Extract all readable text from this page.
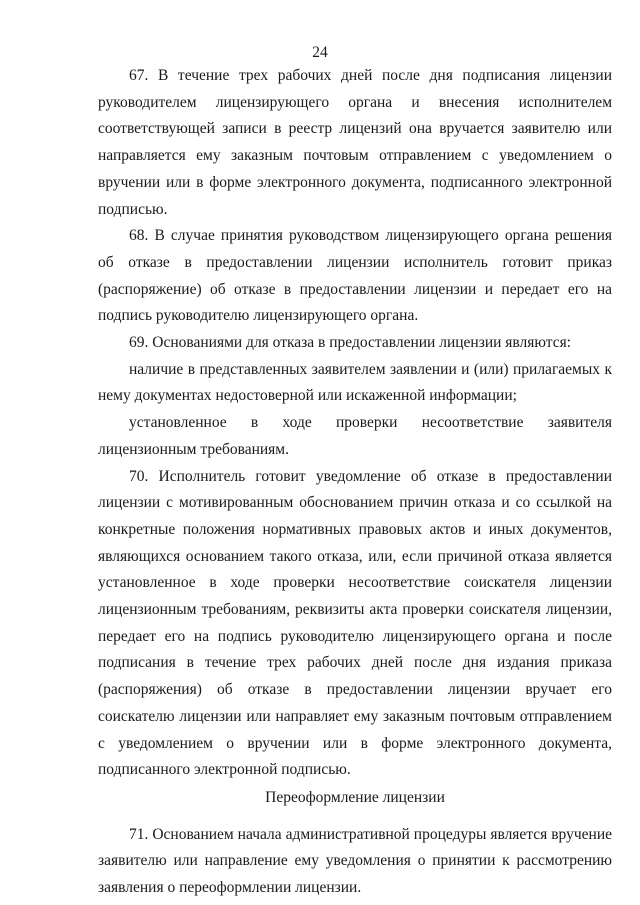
24

67. В течение трех рабочих дней после дня подписания лицензии руководителем лицензирующего органа и внесения исполнителем соответствующей записи в реестр лицензий она вручается заявителю или направляется ему заказным почтовым отправлением с уведомлением о вручении или в форме электронного документа, подписанного электронной подписью.

68. В случае принятия руководством лицензирующего органа решения об отказе в предоставлении лицензии исполнитель готовит приказ (распоряжение) об отказе в предоставлении лицензии и передает его на подпись руководителю лицензирующего органа.

69. Основаниями для отказа в предоставлении лицензии являются:

наличие в представленных заявителем заявлении и (или) прилагаемых к нему документах недостоверной или искаженной информации;

установленное в ходе проверки несоответствие заявителя лицензионным требованиям.

70. Исполнитель готовит уведомление об отказе в предоставлении лицензии с мотивированным обоснованием причин отказа и со ссылкой на конкретные положения нормативных правовых актов и иных документов, являющихся основанием такого отказа, или, если причиной отказа является установленное в ходе проверки несоответствие соискателя лицензии лицензионным требованиям, реквизиты акта проверки соискателя лицензии, передает его на подпись руководителю лицензирующего органа и после подписания в течение трех рабочих дней после дня издания приказа (распоряжения) об отказе в предоставлении лицензии вручает его соискателю лицензии или направляет ему заказным почтовым отправлением с уведомлением о вручении или в форме электронного документа, подписанного электронной подписью.

Переоформление лицензии

71. Основанием начала административной процедуры является вручение заявителю или направление ему уведомления о принятии к рассмотрению заявления о переоформлении лицензии.
